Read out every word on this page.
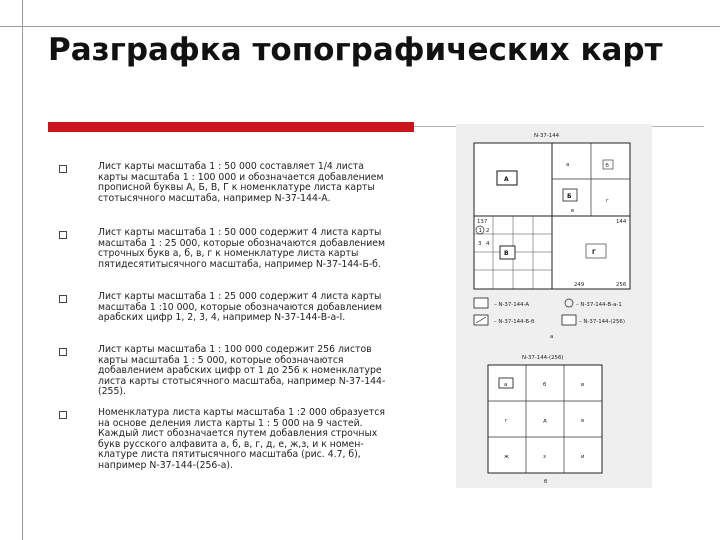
Разграфка топографических карт
Лист карты масштаба 1 : 50 000 составляет 1/4 листа карты масштаба 1 : 100 000 и обозначается добавлением прописной буквы А, Б, В, Г к номенклатуре листа карты стотысячного масштаба, например N-37-144-А.
Лист карты масштаба 1 : 50 000 содержит 4 листа карты масштаба 1 : 25 000, которые обозначаются добавлением строчных букв а, б, в, г к номенклатуре листа карты пятидесятитысячного масштаба, например N-37-144-Б-б.
Лист карты масштаба 1 : 25 000 содержит 4 листа карты масштаба 1 :10 000, которые обозначаются добавлением арабских цифр 1, 2, 3, 4, например N-37-144-В-а-I.
Лист карты масштаба 1 : 100 000 содержит 256 листов карты масштаба 1 : 5 000, которые обозначаются добавлением арабских цифр от 1 до 256 к номенклатуре листа карты стотысячного масштаба, например N-37-144-(255).
Номенклатура листа карты масштаба 1 :2 000 образуется на основе деления листа карты 1 : 5 000 на 9 частей. Каждый лист обозначается путем добавления строчных букв русского алфавита а, б, в, г, д, е, ж,з, и к номен-клатуре листа пятитысячного масштаба (рис. 4.7, б), например N-37-144-(256-а).
N-37-144
А
а	б
Б
в
г
137	144
249	256
1 2
3 4
В	Г
– N-37-144-А	– N-37-144-В-а-1
– N-37-144-Б-б	– N-37-144-(256)
а
N-37-144-(256)
а	б	в
г	д	е
ж	з	и
б
